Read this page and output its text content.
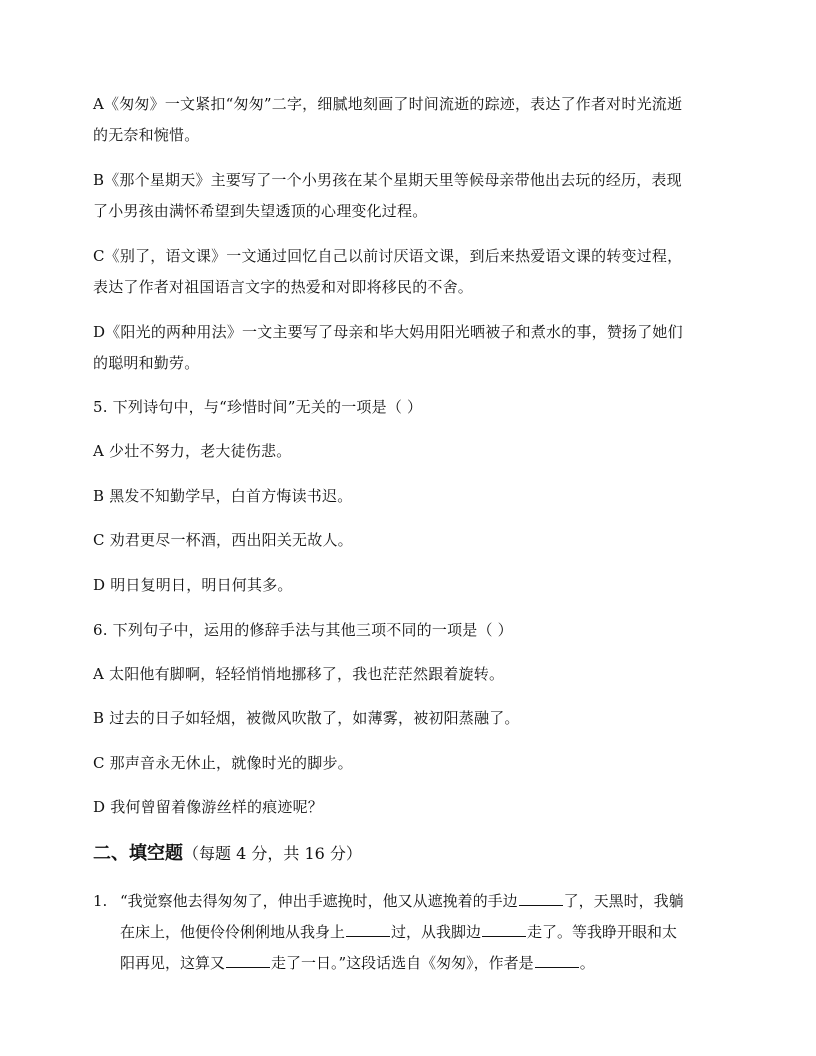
A《匆匆》一文紧扣“匆匆”二字，细腻地刻画了时间流逝的踪迹，表达了作者对时光流逝
的无奈和惋惜。
B《那个星期天》主要写了一个小男孩在某个星期天里等候母亲带他出去玩的经历，表现
了小男孩由满怀希望到失望透顶的心理变化过程。
C《别了，语文课》一文通过回忆自己以前讨厌语文课，到后来热爱语文课的转变过程，
表达了作者对祖国语言文字的热爱和对即将移民的不舍。
D《阳光的两种用法》一文主要写了母亲和毕大妈用阳光晒被子和煮水的事，赞扬了她们
的聪明和勤劳。
5. 下列诗句中，与“珍惜时间”无关的一项是（ ）
A 少壮不努力，老大徒伤悲。
B 黑发不知勤学早，白首方悔读书迟。
C 劝君更尽一杯酒，西出阳关无故人。
D 明日复明日，明日何其多。
6. 下列句子中，运用的修辞手法与其他三项不同的一项是（ ）
A 太阳他有脚啊，轻轻悄悄地挪移了，我也茫茫然跟着旋转。
B 过去的日子如轻烟，被微风吹散了，如薄雾，被初阳蒸融了。
C 那声音永无休止，就像时光的脚步。
D 我何曾留着像游丝样的痕迹呢？
二、填空题（每题 4 分，共 16 分）
1. “我觉察他去得匆匆了，伸出手遮挽时，他又从遮挽着的手边	了，天黑时，我躺
在床上，他便伶伶俐俐地从我身上	过，从我脚边	走了。等我睁开眼和太
阳再见，这算又	走了一日。”这段话选自《匆匆》，作者是	。
